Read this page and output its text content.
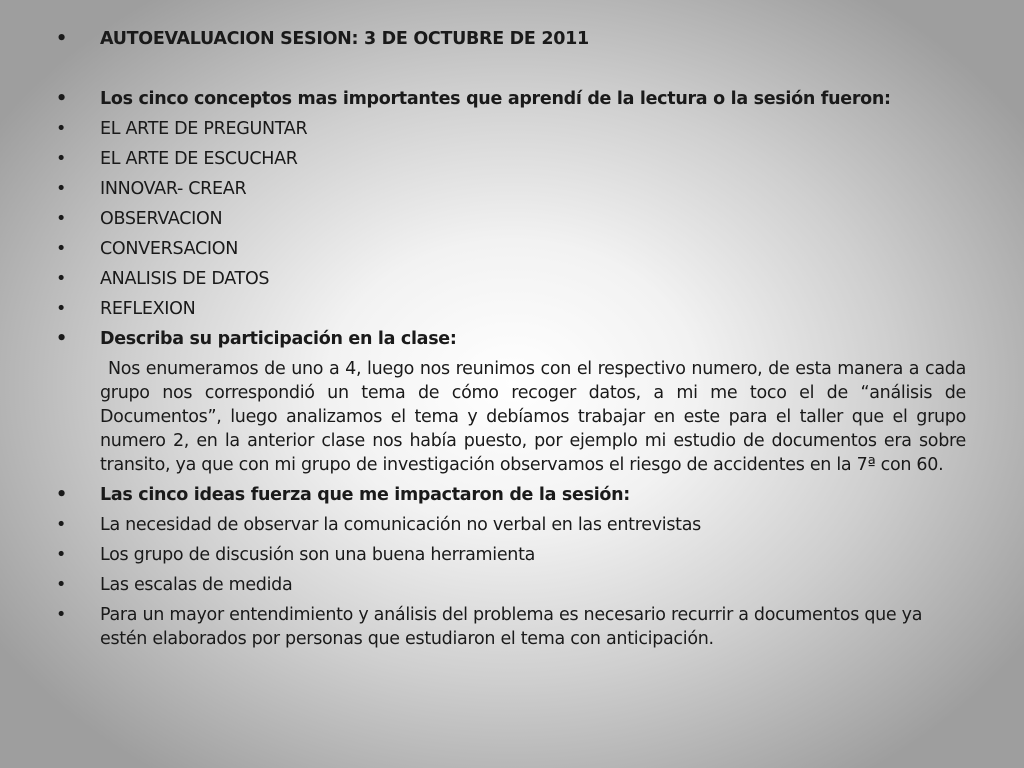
•	AUTOEVALUACION SESION: 3 DE OCTUBRE DE 2011
•	Los cinco conceptos mas importantes que aprendí de la lectura o la sesión fueron:
•	EL ARTE DE PREGUNTAR
•	EL ARTE DE ESCUCHAR
•	INNOVAR- CREAR
•	OBSERVACION
•	CONVERSACION
•	ANALISIS DE DATOS
•	REFLEXION
•	Describa su participación en la clase:
Nos enumeramos de uno a 4, luego nos reunimos con el respectivo numero, de esta manera a cada grupo nos correspondió un tema de cómo recoger datos, a mi me toco el de “análisis de Documentos”, luego analizamos el tema y debíamos trabajar en este para el taller que el grupo numero 2, en la anterior clase nos había puesto, por ejemplo mi estudio de documentos era sobre transito, ya que con mi grupo de investigación observamos el riesgo de accidentes en la 7ª con 60.
•	Las cinco ideas fuerza que me impactaron de la sesión:
•	La necesidad de observar la comunicación no verbal en las entrevistas
•	Los grupo de discusión son una buena herramienta
•	Las escalas de medida
•	Para un mayor entendimiento y análisis del problema es necesario recurrir a documentos que ya estén elaborados por personas que estudiaron el tema con anticipación.
